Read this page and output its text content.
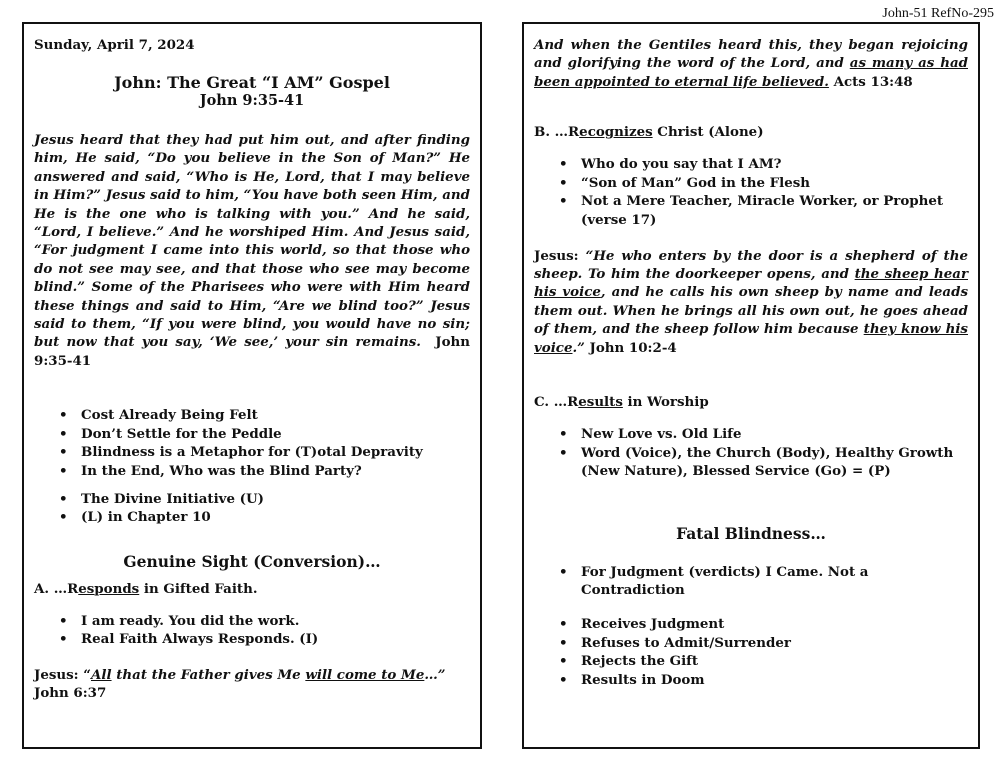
John-51 RefNo-295
Sunday, April 7, 2024
John: The Great “I AM” Gospel
John 9:35-41

Jesus heard that they had put him out, and after finding him, He said, “Do you believe in the Son of Man?” He answered and said, “Who is He, Lord, that I may believe in Him?” Jesus said to him, “You have both seen Him, and He is the one who is talking with you.” And he said, “Lord, I believe.” And he worshiped Him. And Jesus said, “For judgment I came into this world, so that those who do not see may see, and that those who see may become blind.” Some of the Pharisees who were with Him heard these things and said to Him, “Are we blind too?” Jesus said to them, “If you were blind, you would have no sin; but now that you say, ‘We see,’ your sin remains. John 9:35-41

• Cost Already Being Felt
• Don’t Settle for the Peddle
• Blindness is a Metaphor for (T)otal Depravity
• In the End, Who was the Blind Party?
• The Divine Initiative (U)
• (L) in Chapter 10
Genuine Sight (Conversion)…
A. …Responds in Gifted Faith.
• I am ready. You did the work.
• Real Faith Always Responds. (I)
Jesus: “All that the Father gives Me will come to Me…” John 6:37

And when the Gentiles heard this, they began rejoicing and glorifying the word of the Lord, and as many as had been appointed to eternal life believed. Acts 13:48

B. …Recognizes Christ (Alone)
• Who do you say that I AM?
• “Son of Man” God in the Flesh
• Not a Mere Teacher, Miracle Worker, or Prophet (verse 17)

Jesus: “He who enters by the door is a shepherd of the sheep. To him the doorkeeper opens, and the sheep hear his voice, and he calls his own sheep by name and leads them out. When he brings all his own out, he goes ahead of them, and the sheep follow him because they know his voice.” John 10:2-4

C. …Results in Worship
• New Love vs. Old Life
• Word (Voice), the Church (Body), Healthy Growth (New Nature), Blessed Service (Go) = (P)
Fatal Blindness…
• For Judgment (verdicts) I Came. Not a Contradiction
• Receives Judgment
• Refuses to Admit/Surrender
• Rejects the Gift
• Results in Doom
